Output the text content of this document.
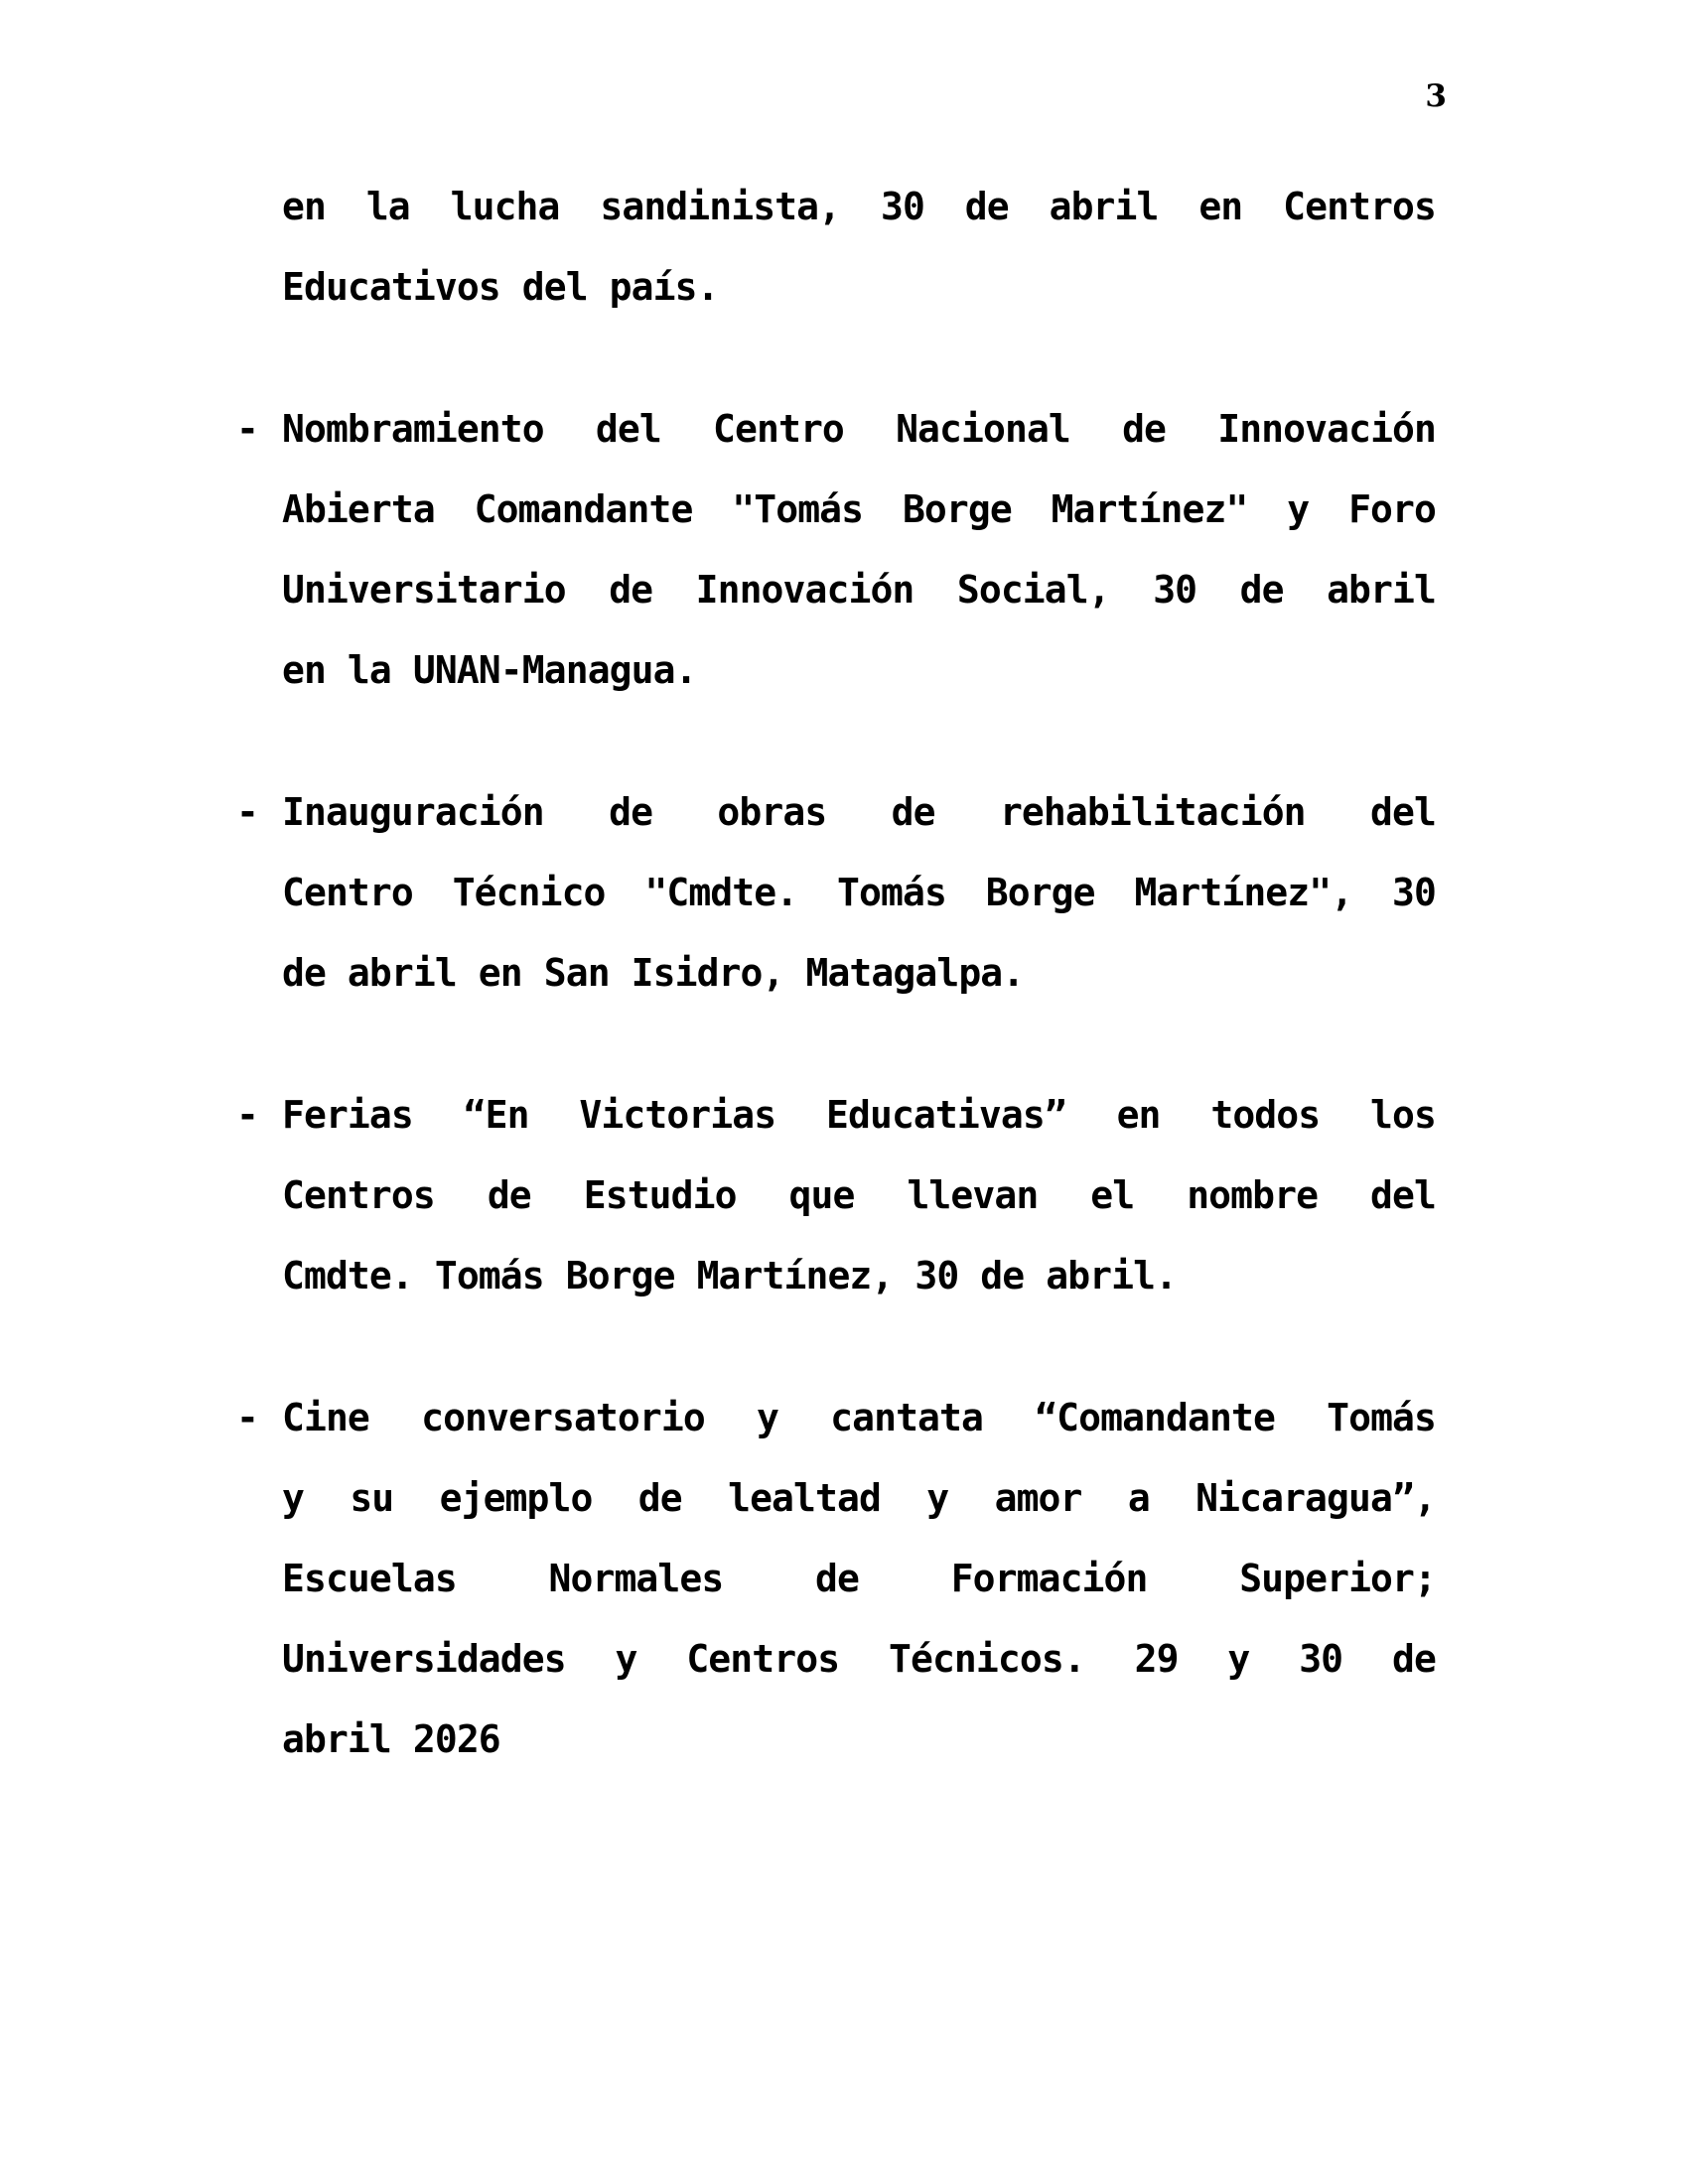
3

en la lucha sandinista, 30 de abril en Centros
Educativos del país.

- Nombramiento del Centro Nacional de Innovación
Abierta Comandante "Tomás Borge Martínez" y Foro
Universitario de Innovación Social, 30 de abril
en la UNAN-Managua.

- Inauguración de obras de rehabilitación del
Centro Técnico "Cmdte. Tomás Borge Martínez", 30
de abril en San Isidro, Matagalpa.

- Ferias “En Victorias Educativas” en todos los
Centros de Estudio que llevan el nombre del
Cmdte. Tomás Borge Martínez, 30 de abril.

- Cine conversatorio y cantata “Comandante Tomás
y su ejemplo de lealtad y amor a Nicaragua”,
Escuelas Normales de Formación Superior;
Universidades y Centros Técnicos. 29 y 30 de
abril 2026
